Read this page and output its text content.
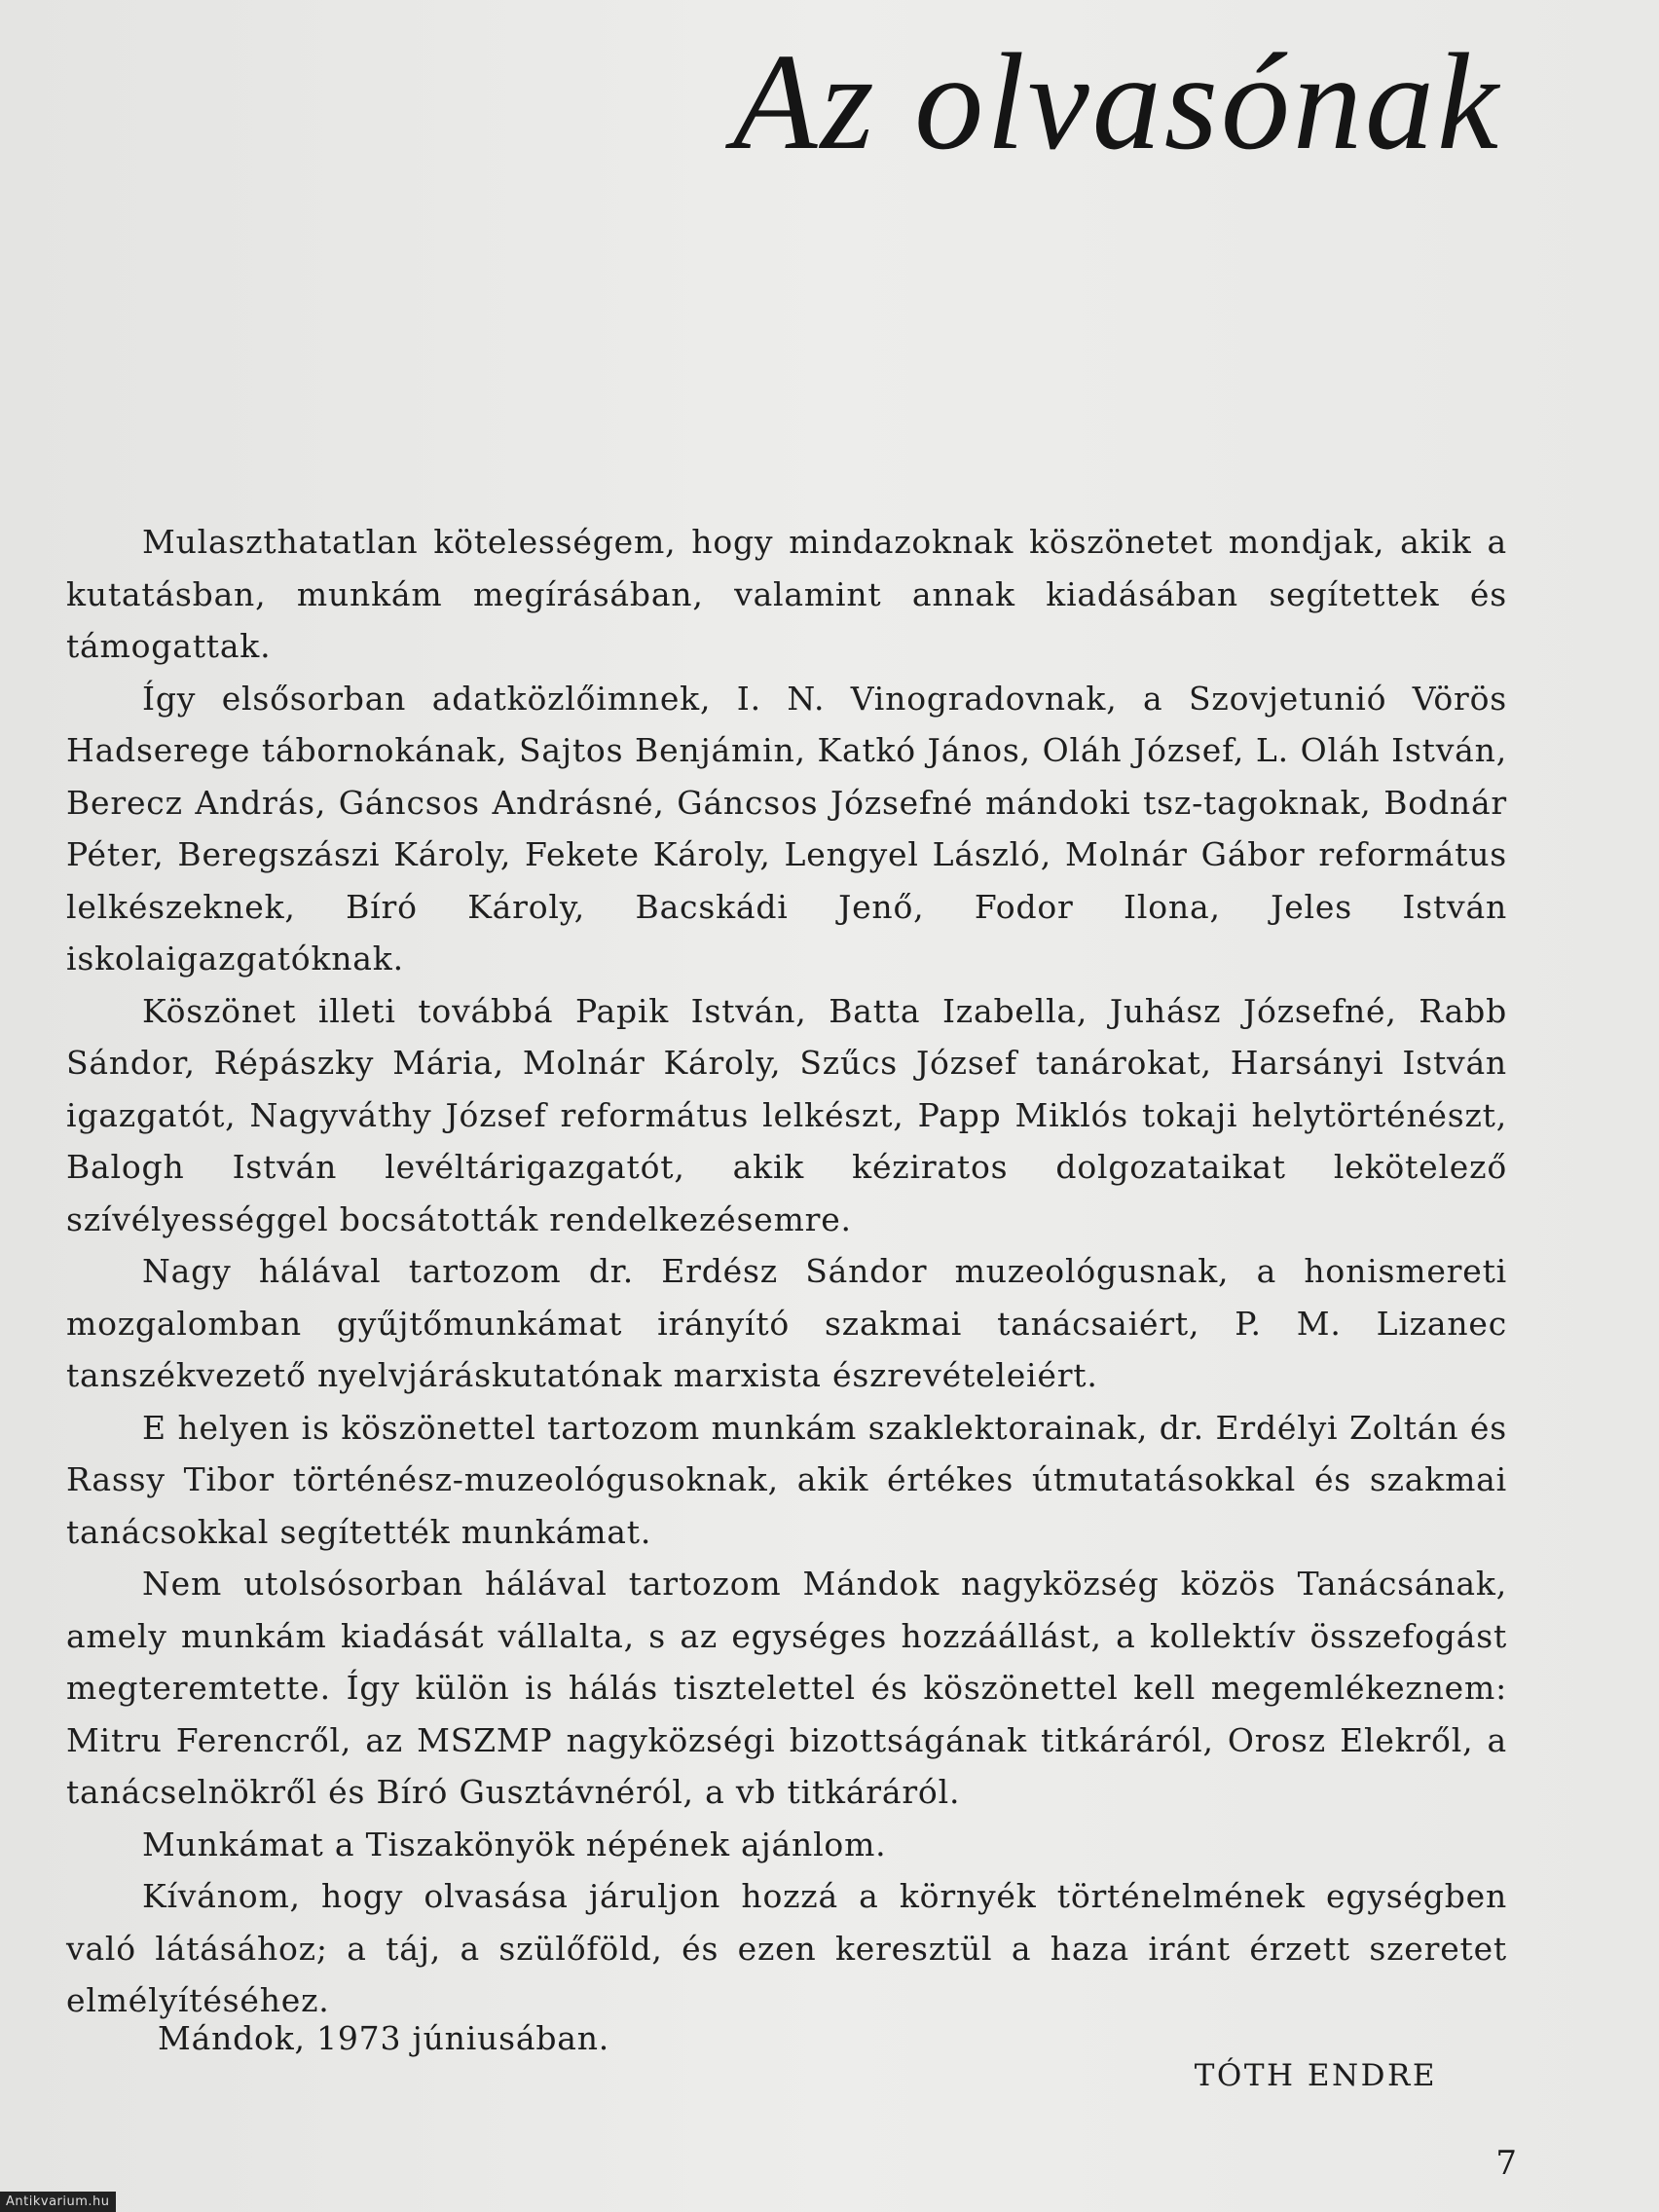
Az olvasónak

Mulaszthatatlan kötelességem, hogy mindazoknak köszönetet mondjak, akik a kutatásban, munkám megírásában, valamint annak kiadásában segítettek és támogattak.

Így elsősorban adatközlőimnek, I. N. Vinogradovnak, a Szovjetunió Vörös Hadserege tábornokának, Sajtos Benjámin, Katkó János, Oláh József, L. Oláh István, Berecz András, Gáncsos Andrásné, Gáncsos Józsefné mándoki tsz-tagoknak, Bodnár Péter, Beregszászi Károly, Fekete Károly, Lengyel László, Molnár Gábor református lelkészeknek, Bíró Károly, Bacskádi Jenő, Fodor Ilona, Jeles István iskolaigazgatóknak.

Köszönet illeti továbbá Papik István, Batta Izabella, Juhász Józsefné, Rabb Sándor, Répászky Mária, Molnár Károly, Szűcs József tanárokat, Harsányi István igazgatót, Nagyváthy József református lelkészt, Papp Miklós tokaji helytörténészt, Balogh István levéltárigazgatót, akik kéziratos dolgozataikat lekötelező szívélyességgel bocsátották rendelkezésemre.

Nagy hálával tartozom dr. Erdész Sándor muzeológusnak, a honismereti mozgalomban gyűjtőmunkámat irányító szakmai tanácsaiért, P. M. Lizanec tanszékvezető nyelvjáráskutatónak marxista észrevételeiért.

E helyen is köszönettel tartozom munkám szaklektorainak, dr. Erdélyi Zoltán és Rassy Tibor történész-muzeológusoknak, akik értékes útmutatásokkal és szakmai tanácsokkal segítették munkámat.

Nem utolsósorban hálával tartozom Mándok nagyközség közös Tanácsának, amely munkám kiadását vállalta, s az egységes hozzáállást, a kollektív összefogást megteremtette. Így külön is hálás tisztelettel és köszönettel kell megemlékeznem: Mitru Ferencről, az MSZMP nagyközségi bizottságának titkáráról, Orosz Elekről, a tanácselnökről és Bíró Gusztávnéról, a vb titkáráról.

Munkámat a Tiszakönyök népének ajánlom.

Kívánom, hogy olvasása járuljon hozzá a környék történelmének egységben való látásához; a táj, a szülőföld, és ezen keresztül a haza iránt érzett szeretet elmélyítéséhez.

Mándok, 1973 júniusában.

TÓTH ENDRE

7

Antikvarium.hu
